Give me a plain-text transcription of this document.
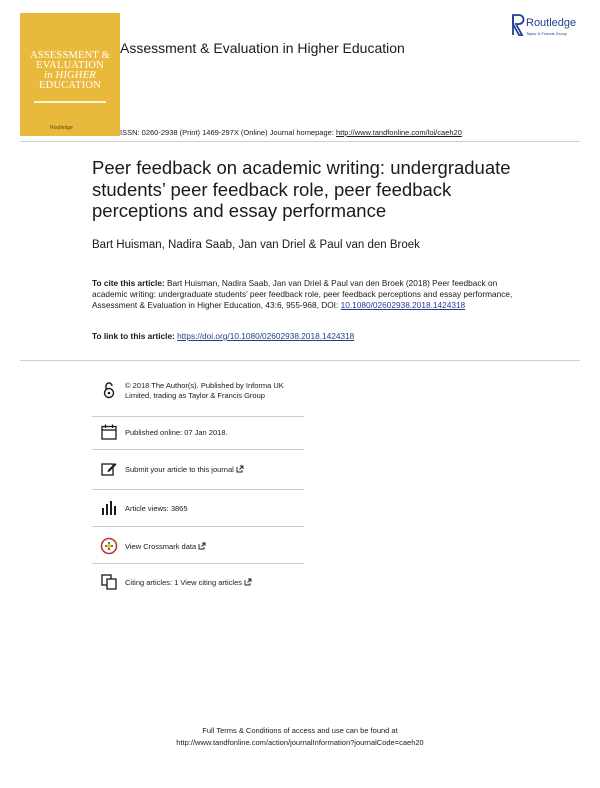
ASSESSMENT &
EVALUATION
in HIGHER
EDUCATION
Routledge
Assessment & Evaluation in Higher Education
Routledge
Taylor & Francis Group
ISSN: 0260-2938 (Print) 1469-297X (Online) Journal homepage: http://www.tandfonline.com/loi/caeh20
Peer feedback on academic writing: undergraduate students’ peer feedback role, peer feedback perceptions and essay performance
Bart Huisman, Nadira Saab, Jan van Driel & Paul van den Broek
To cite this article: Bart Huisman, Nadira Saab, Jan van Driel & Paul van den Broek (2018) Peer feedback on academic writing: undergraduate students’ peer feedback role, peer feedback perceptions and essay performance, Assessment & Evaluation in Higher Education, 43:6, 955-968, DOI: 10.1080/02602938.2018.1424318
To link to this article: https://doi.org/10.1080/02602938.2018.1424318
© 2018 The Author(s). Published by Informa UK Limited, trading as Taylor & Francis Group
Published online: 07 Jan 2018.
Submit your article to this journal
Article views: 3865
View Crossmark data
Citing articles: 1 View citing articles
Full Terms & Conditions of access and use can be found at
http://www.tandfonline.com/action/journalInformation?journalCode=caeh20
